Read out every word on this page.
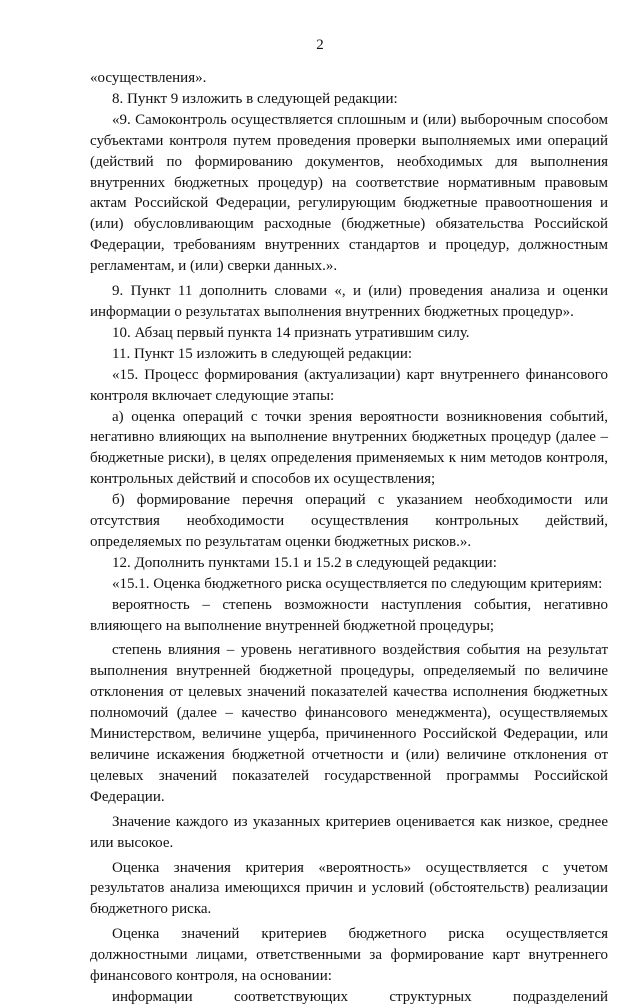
2

«осуществления».

8. Пункт 9 изложить в следующей редакции:

«9. Самоконтроль осуществляется сплошным и (или) выборочным способом субъектами контроля путем проведения проверки выполняемых ими операций (действий по формированию документов, необходимых для выполнения внутренних бюджетных процедур) на соответствие нормативным правовым актам Российской Федерации, регулирующим бюджетные правоотношения и (или) обусловливающим расходные (бюджетные) обязательства Российской Федерации, требованиям внутренних стандартов и процедур, должностным регламентам, и (или) сверки данных.».

9. Пункт 11 дополнить словами «, и (или) проведения анализа и оценки информации о результатах выполнения внутренних бюджетных процедур».

10. Абзац первый пункта 14 признать утратившим силу.

11. Пункт 15 изложить в следующей редакции:

«15. Процесс формирования (актуализации) карт внутреннего финансового контроля включает следующие этапы:

а) оценка операций с точки зрения вероятности возникновения событий, негативно влияющих на выполнение внутренних бюджетных процедур (далее – бюджетные риски), в целях определения применяемых к ним методов контроля, контрольных действий и способов их осуществления;

б) формирование перечня операций с указанием необходимости или отсутствия необходимости осуществления контрольных действий, определяемых по результатам оценки бюджетных рисков.».

12. Дополнить пунктами 15.1 и 15.2 в следующей редакции:

«15.1. Оценка бюджетного риска осуществляется по следующим критериям:

вероятность – степень возможности наступления события, негативно влияющего на выполнение внутренней бюджетной процедуры;

степень влияния – уровень негативного воздействия события на результат выполнения внутренней бюджетной процедуры, определяемый по величине отклонения от целевых значений показателей качества исполнения бюджетных полномочий (далее – качество финансового менеджмента), осуществляемых Министерством, величине ущерба, причиненного Российской Федерации, или величине искажения бюджетной отчетности и (или) величине отклонения от целевых значений показателей государственной программы Российской Федерации.

Значение каждого из указанных критериев оценивается как низкое, среднее или высокое.

Оценка значения критерия «вероятность» осуществляется с учетом результатов анализа имеющихся причин и условий (обстоятельств) реализации бюджетного риска.

Оценка значений критериев бюджетного риска осуществляется должностными лицами, ответственными за формирование карт внутреннего финансового контроля, на основании:

информации соответствующих структурных подразделений
